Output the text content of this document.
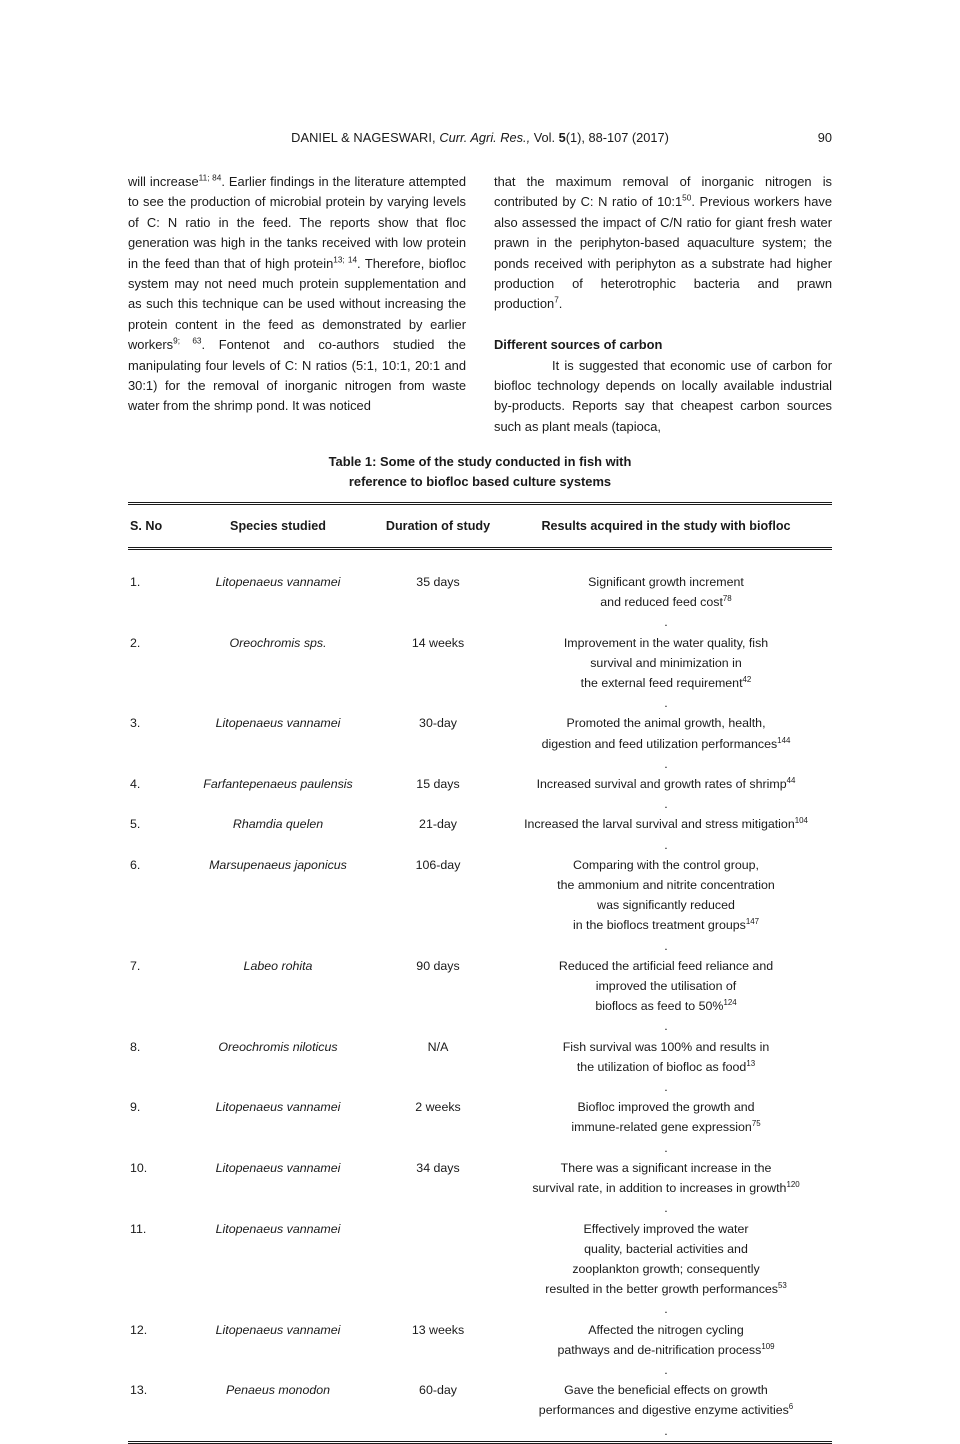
DANIEL & NAGESWARI, Curr. Agri. Res., Vol. 5(1), 88-107 (2017)	90

will increase$^{11; 84}$. Earlier findings in the literature attempted to see the production of microbial protein by varying levels of C: N ratio in the feed. The reports show that floc generation was high in the tanks received with low protein in the feed than that of high protein$^{13; 14}$. Therefore, biofloc system may not need much protein supplementation and as such this technique can be used without increasing the protein content in the feed as demonstrated by earlier workers$^{9; 63}$. Fontenot and co-authors studied the manipulating four levels of C: N ratios (5:1, 10:1, 20:1 and 30:1) for the removal of inorganic nitrogen from waste water from the shrimp pond. It was noticed

that the maximum removal of inorganic nitrogen is contributed by C: N ratio of $10:1^{50}$. Previous workers have also assessed the impact of C/N ratio for giant fresh water prawn in the periphyton-based aquaculture system; the ponds received with periphyton as a substrate had higher production of heterotrophic bacteria and prawn production$^7$.

Different sources of carbon

It is suggested that economic use of carbon for biofloc technology depends on locally available industrial by-products. Reports say that cheapest carbon sources such as plant meals (tapioca,

Table 1: Some of the study conducted in fish with
reference to biofloc based culture systems
S. No	Species studied	Duration of study	Results acquired in the study with biofloc

1.	Litopenaeus vannamei	35 days	Significant growth increment
and reduced feed cost$^{78}$
.

2.	Oreochromis sps.	14 weeks	Improvement in the water quality, fish
survival and minimization in
the external feed requirement$^{42}$
.

3.	Litopenaeus vannamei	30-day	Promoted the animal growth, health,
digestion and feed utilization performances$^{144}$
.

4.	Farfantepenaeus paulensis	15 days	Increased survival and growth rates of shrimp$^{44}$
.

5.	Rhamdia quelen	21-day	Increased the larval survival and stress mitigation$^{104}$
.

6.	Marsupenaeus japonicus	106-day	Comparing with the control group,
the ammonium and nitrite concentration
was significantly reduced
in the bioflocs treatment groups$^{147}$
.

7.	Labeo rohita	90 days	Reduced the artificial feed reliance and
improved the utilisation of
bioflocs as feed to 50%$^{124}$
.

8.	Oreochromis niloticus	N/A	Fish survival was 100% and results in
the utilization of biofloc as food$^{13}$
.

9.	Litopenaeus vannamei	2 weeks	Biofloc improved the growth and
immune-related gene expression$^{75}$
.

10.	Litopenaeus vannamei	34 days	There was a significant increase in the
survival rate, in addition to increases in growth$^{120}$
.

11.	Litopenaeus vannamei		Effectively improved the water
quality, bacterial activities and
zooplankton growth; consequently
resulted in the better growth performances$^{53}$
.

12.	Litopenaeus vannamei	13 weeks	Affected the nitrogen cycling
pathways and de-nitrification process$^{109}$
.

13.	Penaeus monodon	60-day	Gave the beneficial effects on growth
performances and digestive enzyme activities$^6$
.
